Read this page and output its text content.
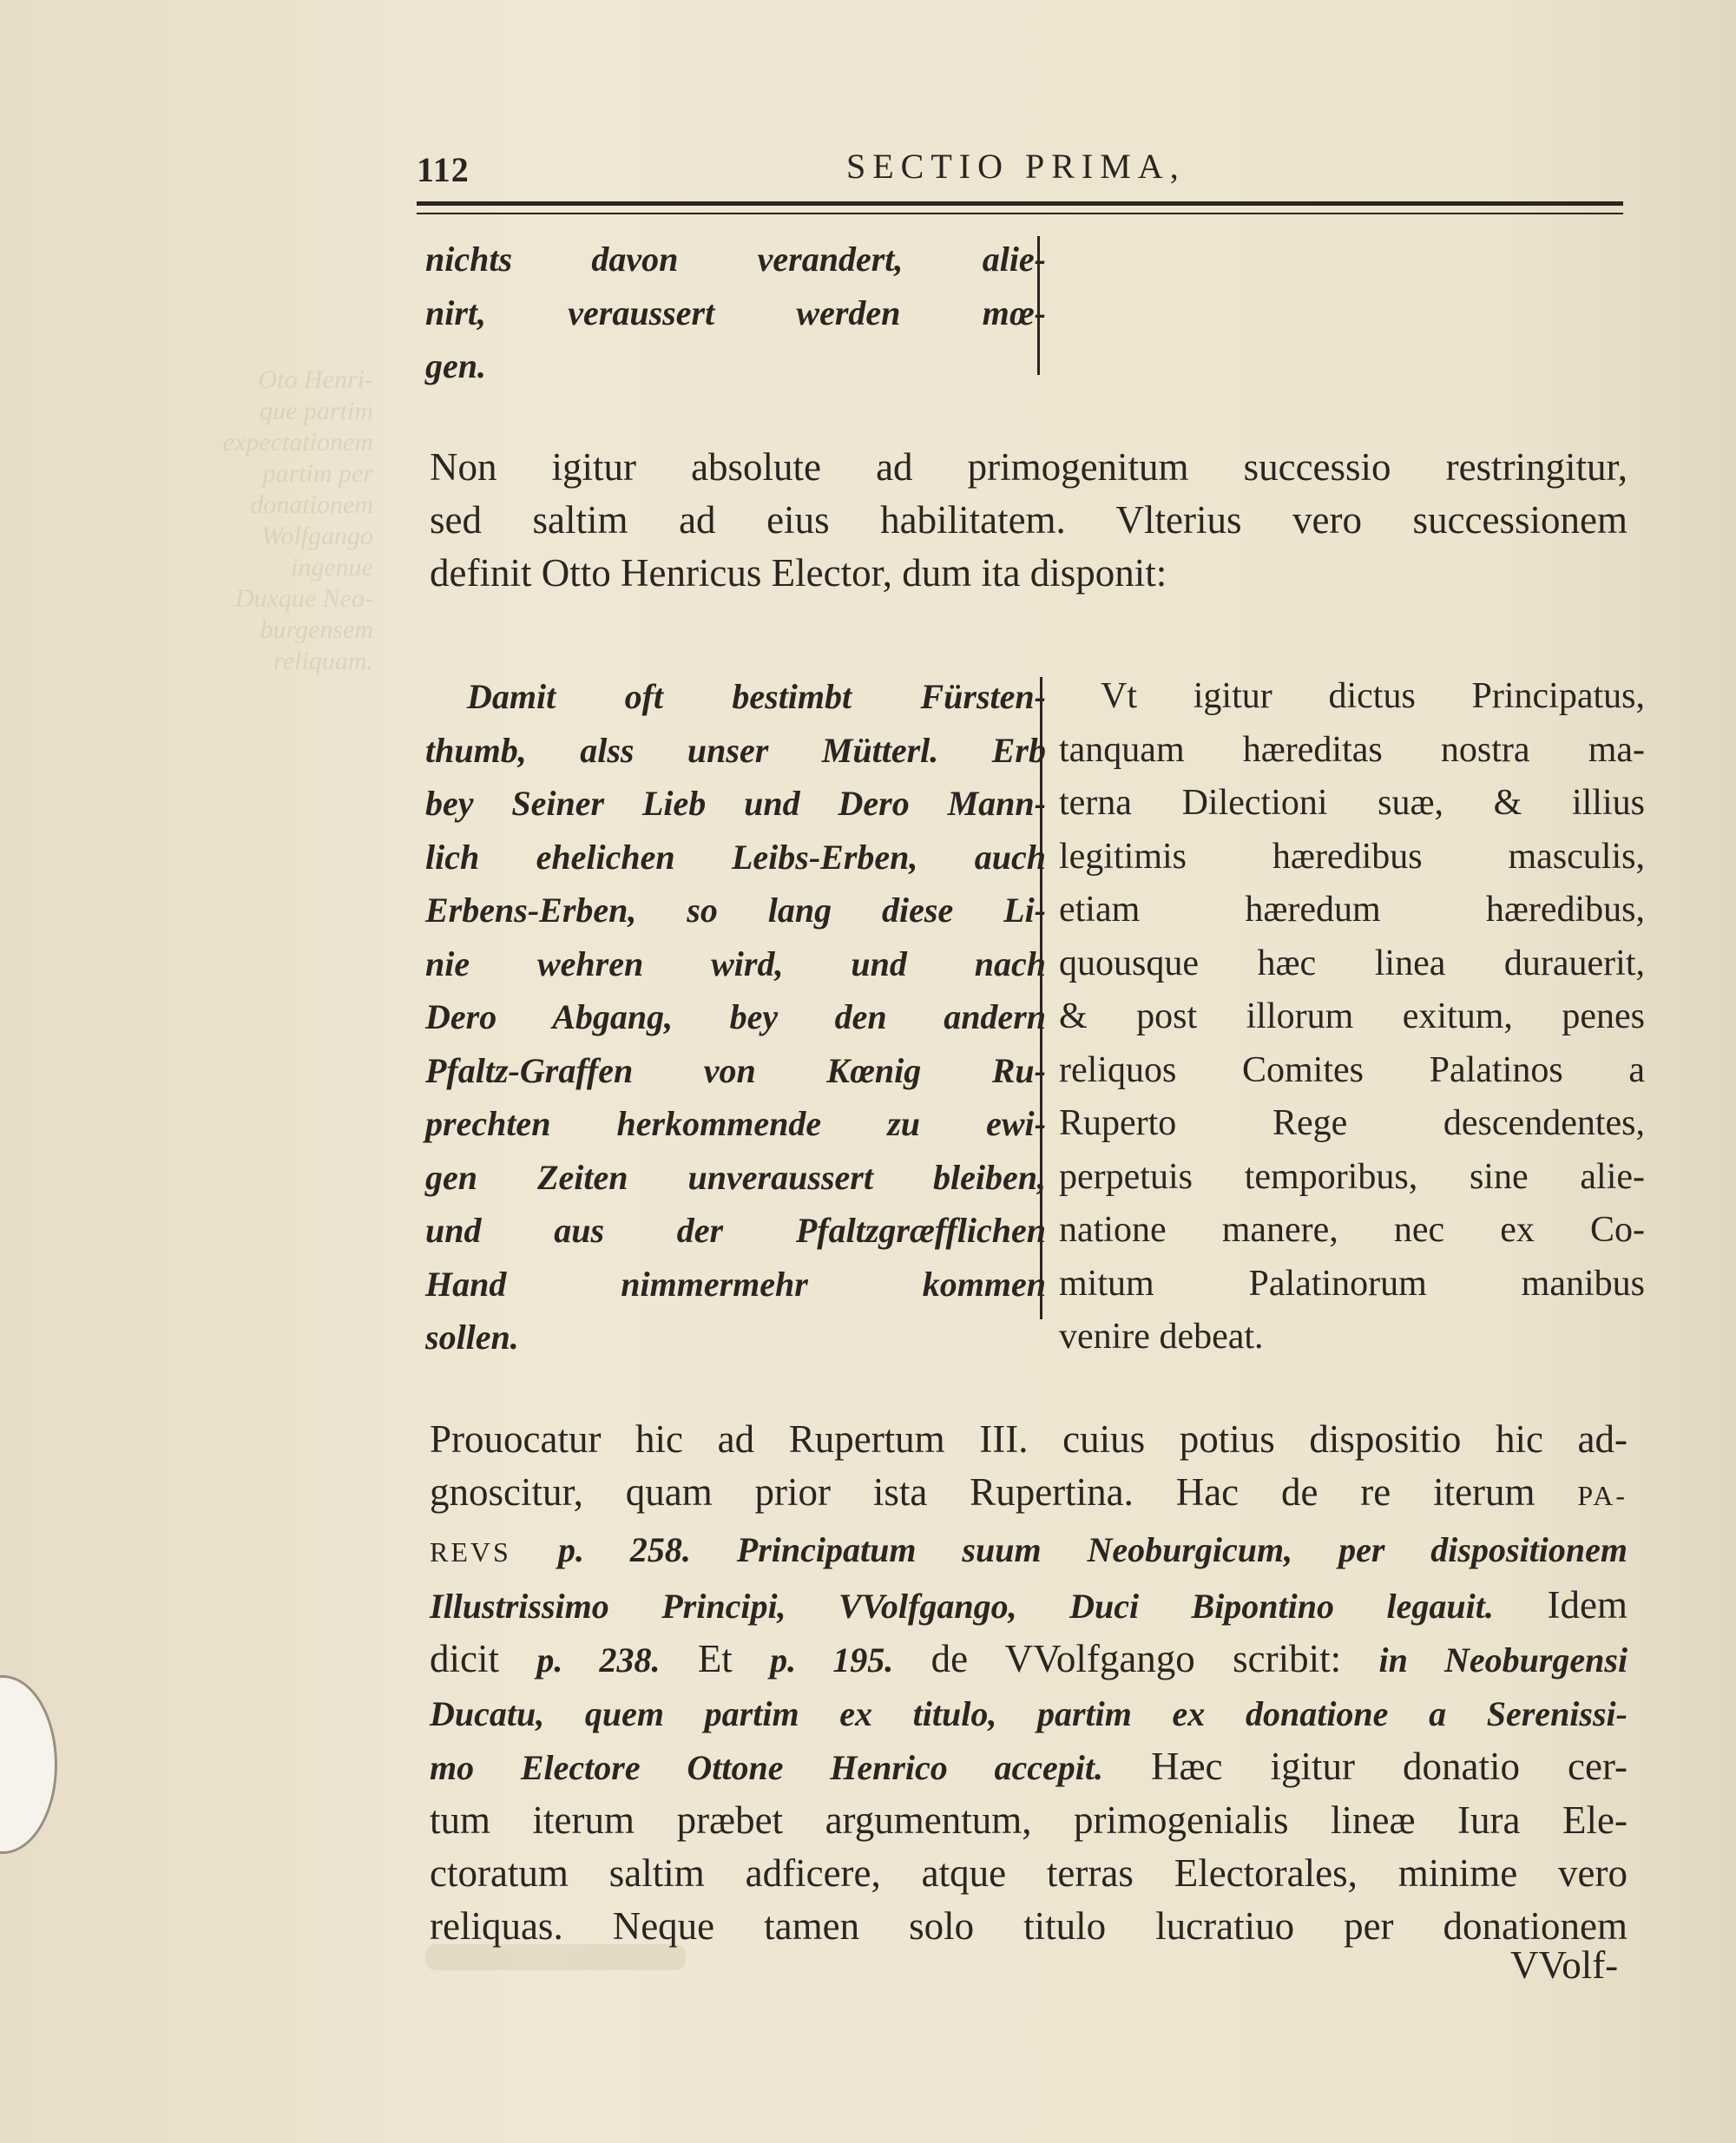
Oto Henri-
que partim
expectationem
partim per
donationem
Wolfgango
ingenue
Duxque Neo-
burgensem
reliquam.
112	SECTIO PRIMA,
nichts davon verandert, alie-
nirt, veraussert werden mœ-
gen.
Non igitur absolute ad primogenitum successio restringitur,
sed saltim ad eius habilitatem. Vlterius vero successionem
definit Otto Henricus Elector, dum ita disponit:
Damit oft bestimbt Fürsten-
thumb, alss unser Mütterl. Erb
bey Seiner Lieb und Dero Mann-
lich ehelichen Leibs-Erben, auch
Erbens-Erben, so lang diese Li-
nie wehren wird, und nach
Dero Abgang, bey den andern
Pfaltz-Graffen von Kœnig Ru-
prechten herkommende zu ewi-
gen Zeiten unveraussert bleiben,
und aus der Pfaltzgræfflichen
Hand nimmermehr kommen
sollen.
Vt igitur dictus Principatus,
tanquam hæreditas nostra ma-
terna Dilectioni suæ, & illius
legitimis hæredibus masculis,
etiam hæredum hæredibus,
quousque hæc linea durauerit,
& post illorum exitum, penes
reliquos Comites Palatinos a
Ruperto Rege descendentes,
perpetuis temporibus, sine alie-
natione manere, nec ex Co-
mitum Palatinorum manibus
venire debeat.
Prouocatur hic ad Rupertum III. cuius potius dispositio hic ad-
gnoscitur, quam prior ista Rupertina. Hac de re iterum PA-
REVS p. 258. Principatum suum Neoburgicum, per dispositionem
Illustrissimo Principi, VVolfgango, Duci Bipontino legauit. Idem
dicit p. 238. Et p. 195. de VVolfgango scribit: in Neoburgensi
Ducatu, quem partim ex titulo, partim ex donatione a Serenissi-
mo Electore Ottone Henrico accepit. Hæc igitur donatio cer-
tum iterum præbet argumentum, primogenialis lineæ Iura Ele-
ctoratum saltim adficere, atque terras Electorales, minime vero
reliquas. Neque tamen solo titulo lucratiuo per donationem
VVolf-
